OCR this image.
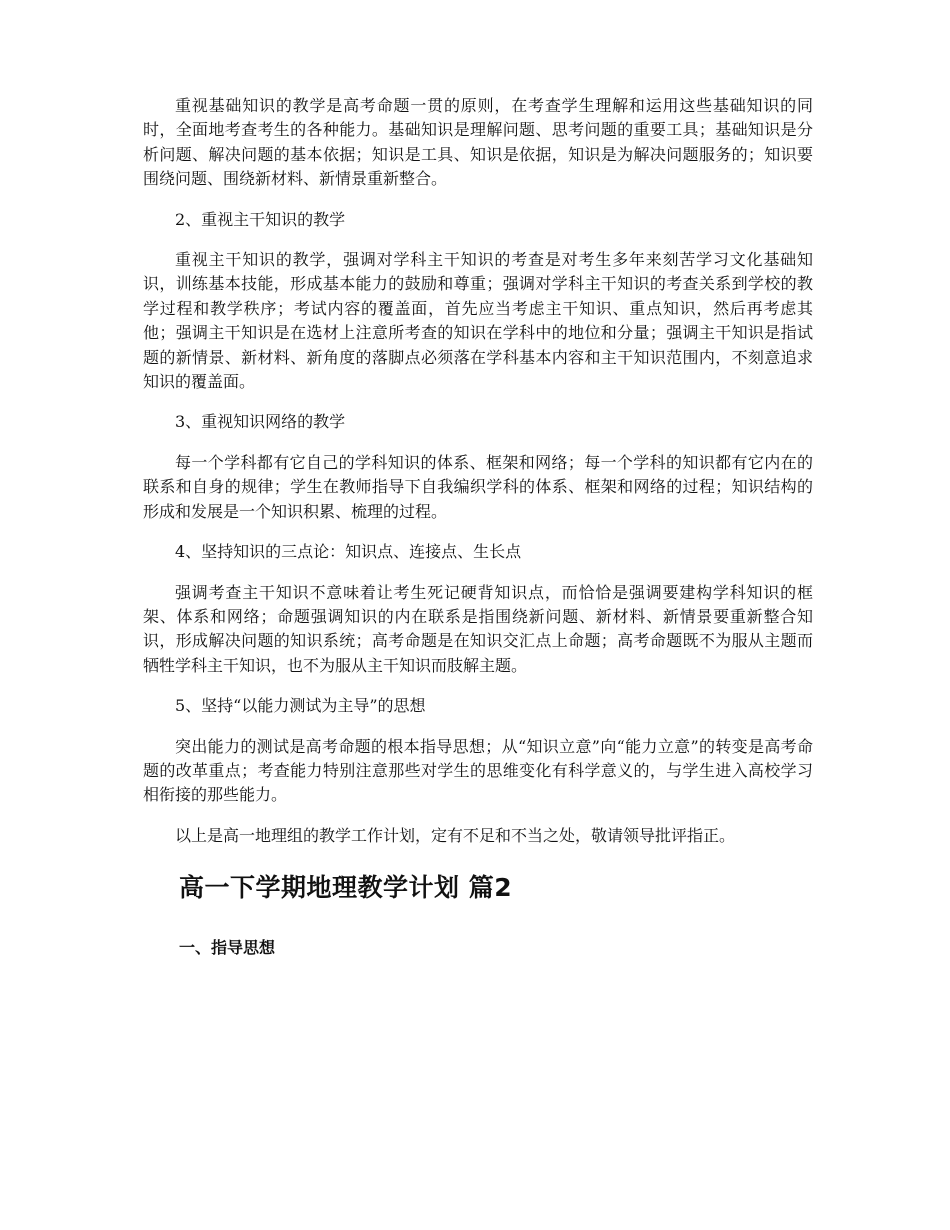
重视基础知识的教学是高考命题一贯的原则，在考查学生理解和运用这些基础知识的同时，全面地考查考生的各种能力。基础知识是理解问题、思考问题的重要工具；基础知识是分析问题、解决问题的基本依据；知识是工具、知识是依据，知识是为解决问题服务的；知识要围绕问题、围绕新材料、新情景重新整合。

2、重视主干知识的教学

重视主干知识的教学，强调对学科主干知识的考查是对考生多年来刻苦学习文化基础知识，训练基本技能，形成基本能力的鼓励和尊重；强调对学科主干知识的考查关系到学校的教学过程和教学秩序；考试内容的覆盖面，首先应当考虑主干知识、重点知识，然后再考虑其他；强调主干知识是在选材上注意所考查的知识在学科中的地位和分量；强调主干知识是指试题的新情景、新材料、新角度的落脚点必须落在学科基本内容和主干知识范围内，不刻意追求知识的覆盖面。

3、重视知识网络的教学

每一个学科都有它自己的学科知识的体系、框架和网络；每一个学科的知识都有它内在的联系和自身的规律；学生在教师指导下自我编织学科的体系、框架和网络的过程；知识结构的形成和发展是一个知识积累、梳理的过程。

4、坚持知识的三点论：知识点、连接点、生长点

强调考查主干知识不意味着让考生死记硬背知识点，而恰恰是强调要建构学科知识的框架、体系和网络；命题强调知识的内在联系是指围绕新问题、新材料、新情景要重新整合知识，形成解决问题的知识系统；高考命题是在知识交汇点上命题；高考命题既不为服从主题而牺牲学科主干知识，也不为服从主干知识而肢解主题。

5、坚持“以能力测试为主导”的思想

突出能力的测试是高考命题的根本指导思想；从“知识立意”向“能力立意”的转变是高考命题的改革重点；考查能力特别注意那些对学生的思维变化有科学意义的，与学生进入高校学习相衔接的那些能力。

以上是高一地理组的教学工作计划，定有不足和不当之处，敬请领导批评指正。

高一下学期地理教学计划 篇2
一、指导思想
